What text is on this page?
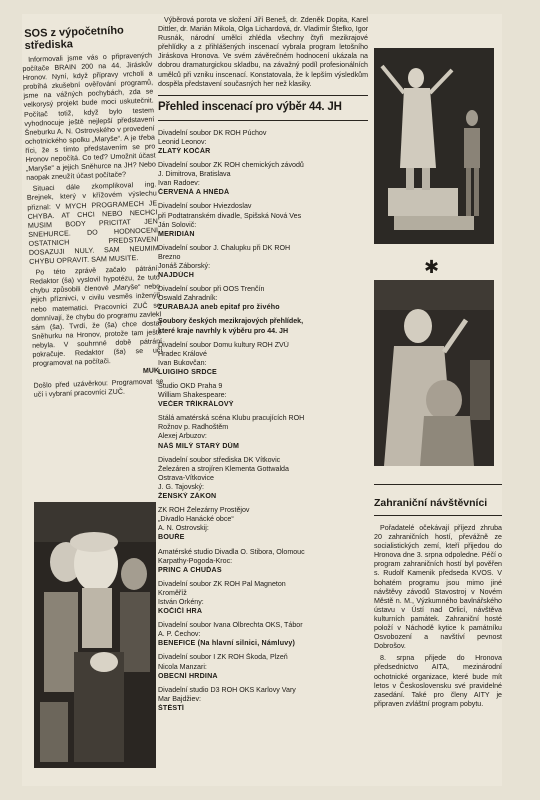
SOS z výpočetního střediska

Informovali jsme vás o připravených počítače BRAIN 200 na 44. Jiráskův Hronov. Nyní, když přípravy vrcholí a probíhá zkušební ověřování programů, jsme na vážných pochybách, zda se velkorysý projekt bude moci uskutečnit. Počítač totiž, když bylo testem vyhodnocuje ještě nejlepší představení Šneburku A. N. Ostrovského v provedení ochotnického spolku „Maryše“. A je třeba říci, že s tímto představením se pro Hronov nepočítá. Co teď? Umožnit účast „Maryše“ a jejich Sněhurce na JH? Nebo naopak zneužít účast počítače?

Situaci dále zkomplikoval ing. Brejnek, který v křížovém výslechu přiznal: V MYCH PROGRAMECH JE CHYBA. AT CHCI NEBO NECHCI MUSIM BODY PRICITAT JEN SNEHURCE. DO HODNOCENI OSTATNICH PREDSTAVENI DOSAZUJI NULY. SAM NEUMIM CHYBU OPRAVIT. SAM MUSITE.

Po této zprávě začalo pátrání. Redaktor (ša) vyslovil hypotézu, že tuto chybu způsobili členové „Maryše“ nebo jejich příznivci, v civilu vesměs inženýři nebo matematici. Pracovníci ZUČ se domnívají, že chybu do programu zavlekl sám (ša). Tvrdí, že (ša) chce dostat Sněhurku na Hronov, protože tam ještě nebyla. V souhrnné době pátrání pokračuje. Redaktor (ša) se učí programovat na počítači.

MUK

Došlo před uzávěrkou: Programovat se učí i vybraní pracovníci ZUČ.

Výběrová porota ve složení Jiří Beneš, dr. Zdeněk Dopita, Karel Dittler, dr. Marián Mikola, Olga Lichardová, dr. Vladimír Štefko, Igor Rusnák, národní umělci zhlédla všechny čtyři mezikrajové přehlídky a z přihlášených inscenací vybrala program letošního Jiráskova Hronova. Ve svém závěrečném hodnocení ukázala na dobrou dramaturgickou skladbu, na závažný podíl profesionálních umělců při vzniku inscenací. Konstatovala, že k lepším výsledkům dospěla představení současných her než klasiky.
Přehled inscenací pro výběr 44. JH
Divadelní soubor DK ROH Púchov
Leonid Leonov:
ZLATÝ KOČÁR
Divadelní soubor ZK ROH chemických závodů
J. Dimitrova, Bratislava
Ivan Radoev:
ČERVENÁ A HNĚDÁ
Divadelní soubor Hviezdoslav
při Podtatranském divadle, Spišská Nová Ves
Ján Solovič:
MERIDIÁN
Divadelní soubor J. Chalupku při DK ROH
Brezno
Jonáš Záborský:
NAJDÚCH
Divadelní soubor při OOS Trenčín
Oswald Zahradník:
ZURABAJA aneb epitaf pro živého
Soubory českých mezikrajových přehlídek,
které kraje navrhly k výběru pro 44. JH
Divadelní soubor Domu kultury ROH ZVÚ
Hradec Králové
Ivan Bukovčan:
LUIGIHO SRDCE
Studio OKD Praha 9
William Shakespeare:
VEČER TŘÍKRÁLOVÝ
Stálá amatérská scéna Klubu pracujících ROH
Rožnov p. Radhoštěm
Alexej Arbuzov:
NÁŠ MILÝ STARÝ DŮM
Divadelní soubor střediska DK Vítkovic
Železáren a strojíren Klementa Gottwalda
Ostrava-Vítkovice
J. G. Tajovský:
ŽENSKÝ ZÁKON
ZK ROH Železárny Prostějov
„Divadlo Hanácké obce“
A. N. Ostrovskij:
BOUŘE
Amatérské studio Divadla O. Stibora, Olomouc
Karpathy-Pogoda-Kroc:
PRINC A CHUĎAS
Divadelní soubor ZK ROH Pal Magneton
Kroměříž
István Örkény:
KOČIČÍ HRA
Divadelní soubor Ivana Olbrechta OKS, Tábor
A. P. Čechov:
BENEFICE (Na hlavní silnici, Námluvy)
Divadelní soubor I ZK ROH Škoda, Plzeň
Nicola Manzari:
OBECNÍ HRDINA
Divadelní studio D3 ROH OKS Karlovy Vary
Mar Bajdžiev:
ŠTĚSTÍ
✱
Zahraniční návštěvníci

Pořadatelé očekávají příjezd zhruba 20 zahraničních hostí, převážně ze socialistických zemí, kteří přijedou do Hronova dne 3. srpna odpoledne. Péčí o program zahraničních hostí byl pověřen s. Rudolf Kamenik předseda KVOS. V bohatém programu jsou mimo jiné návštěvy závodů Stavostroj v Novém Městě n. M., Výzkumného bavlnářského ústavu v Ústí nad Orlicí, návštěva kulturních památek. Zahraniční hosté položí v Náchodě kytice k památníku Osvobození a navštíví pevnost Dobrošov.

8. srpna přijede do Hronova předsednictvo AITA, mezinárodní ochotnické organizace, které bude mít letos v Československu své pravidelné zasedání. Také pro členy AITY je připraven zvláštní program pobytu.
